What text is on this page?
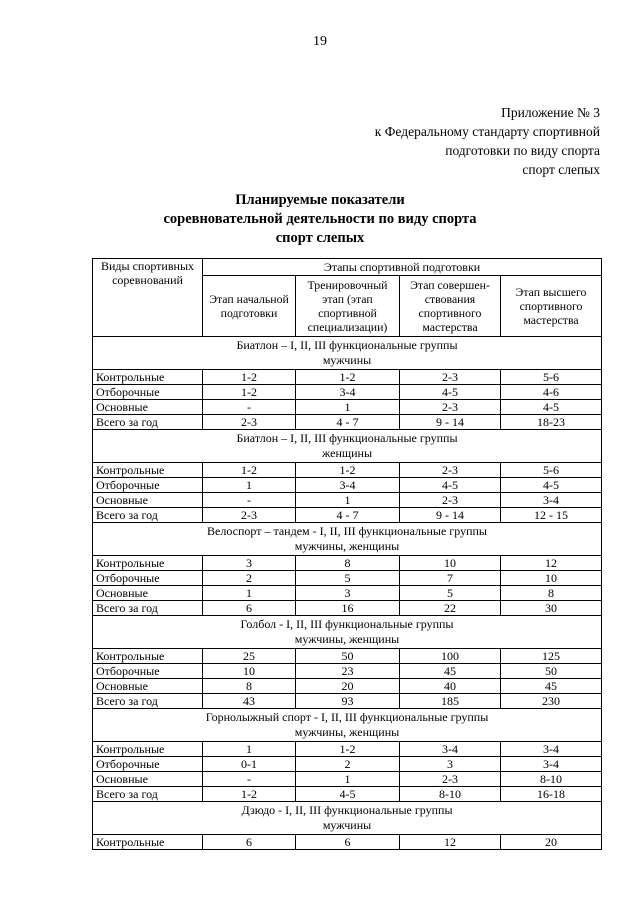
19
Приложение № 3
к Федеральному стандарту спортивной
подготовки по виду спорта
спорт слепых
Планируемые показатели
соревновательной деятельности по виду спорта
спорт слепых
Виды спортивных соревнований	Этапы спортивной подготовки			
	Этап начальной подготовки	Тренировочный этап (этап спортивной специализации)	Этап совершен-ствования спортивного мастерства	Этап высшего спортивного мастерства

Биатлон – I, II, III функциональные группы
мужчины				

Контрольные	1-2	1-2	2-3	5-6
Отборочные	1-2	3-4	4-5	4-6
Основные	-	1	2-3	4-5
Всего за год	2-3	4 - 7	9 - 14	18-23

Биатлон – I, II, III функциональные группы
женщины				

Контрольные	1-2	1-2	2-3	5-6
Отборочные	1	3-4	4-5	4-5
Основные	-	1	2-3	3-4
Всего за год	2-3	4 - 7	9 - 14	12 - 15

Велоспорт – тандем - I, II, III функциональные группы
мужчины, женщины				

Контрольные	3	8	10	12
Отборочные	2	5	7	10
Основные	1	3	5	8
Всего за год	6	16	22	30

Голбол - I, II, III функциональные группы
мужчины, женщины				

Контрольные	25	50	100	125
Отборочные	10	23	45	50
Основные	8	20	40	45
Всего за год	43	93	185	230

Горнолыжный спорт - I, II, III функциональные группы
мужчины, женщины				

Контрольные	1	1-2	3-4	3-4
Отборочные	0-1	2	3	3-4
Основные	-	1	2-3	8-10
Всего за год	1-2	4-5	8-10	16-18

Дзюдо - I, II, III функциональные группы
мужчины				

Контрольные	6	6	12	20
